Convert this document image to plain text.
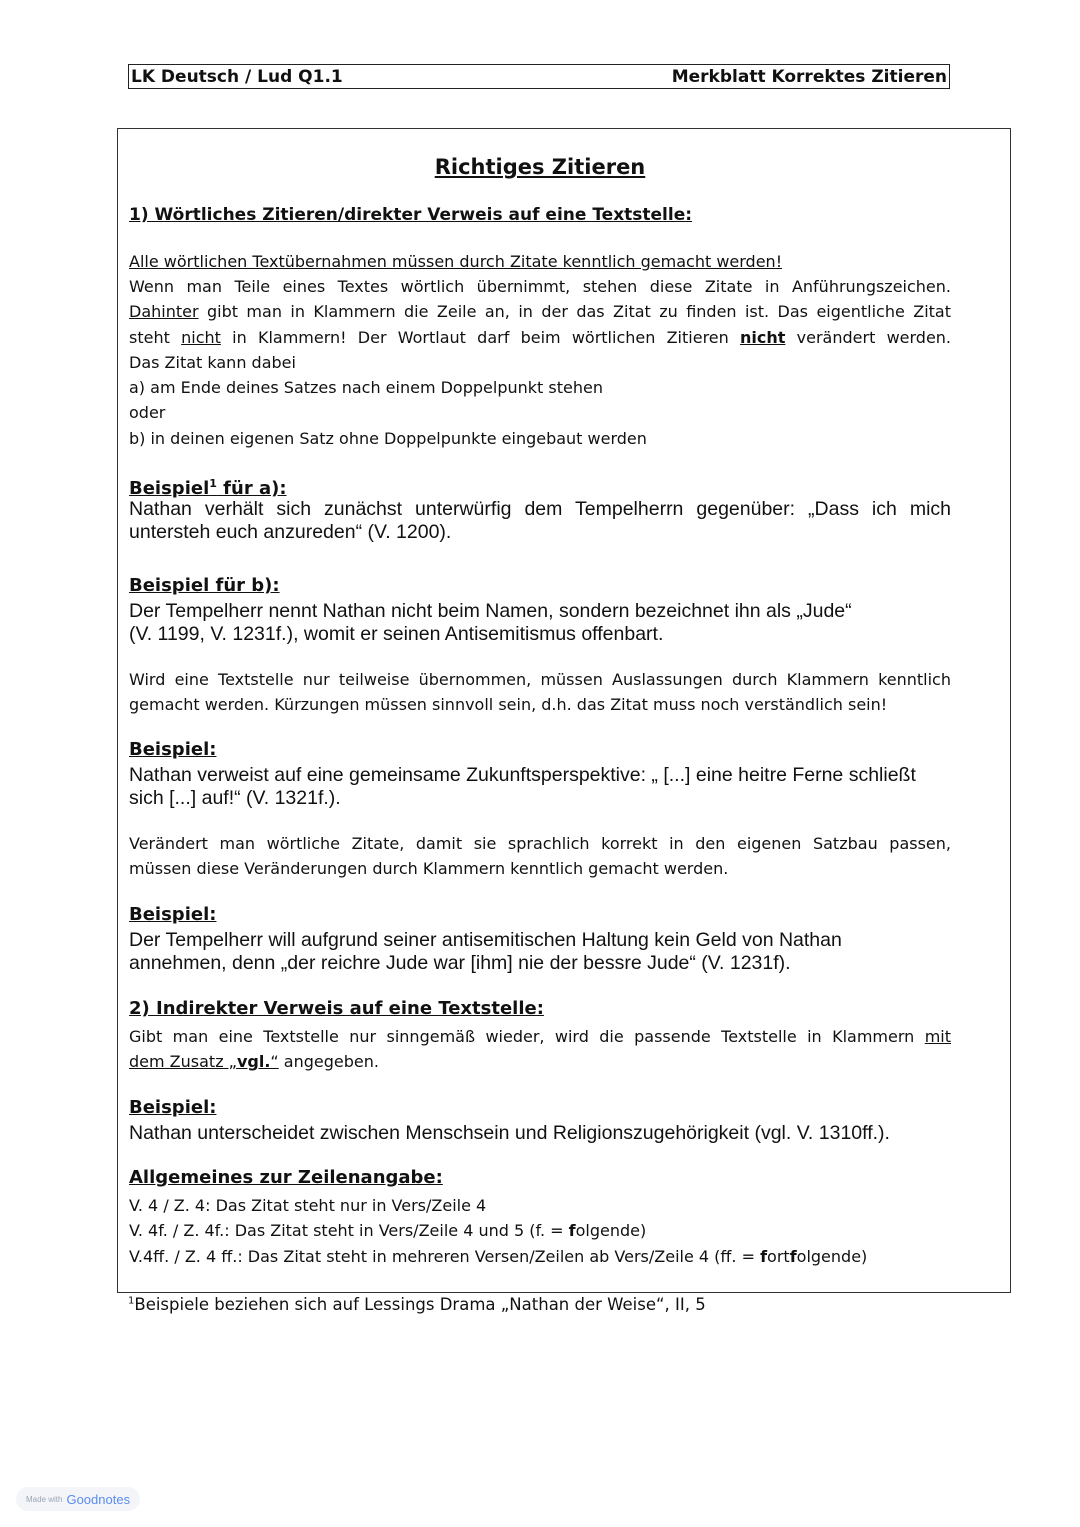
LK Deutsch / Lud Q1.1	Merkblatt Korrektes Zitieren
Richtiges Zitieren
1) Wörtliches Zitieren/direkter Verweis auf eine Textstelle:
Alle wörtlichen Textübernahmen müssen durch Zitate kenntlich gemacht werden!
Wenn man Teile eines Textes wörtlich übernimmt, stehen diese Zitate in Anführungszeichen.
Dahinter gibt man in Klammern die Zeile an, in der das Zitat zu finden ist. Das eigentliche Zitat
steht nicht in Klammern! Der Wortlaut darf beim wörtlichen Zitieren nicht verändert werden.
Das Zitat kann dabei
a) am Ende deines Satzes nach einem Doppelpunkt stehen
oder
b) in deinen eigenen Satz ohne Doppelpunkte eingebaut werden
Beispiel$^1$ für a):
Nathan verhält sich zunächst unterwürfig dem Tempelherrn gegenüber: „Dass ich mich
untersteh euch anzureden“ (V. 1200).
Beispiel für b):
Der Tempelherr nennt Nathan nicht beim Namen, sondern bezeichnet ihn als „Jude“
(V. 1199, V. 1231f.), womit er seinen Antisemitismus offenbart.
Wird eine Textstelle nur teilweise übernommen, müssen Auslassungen durch Klammern kenntlich
gemacht werden. Kürzungen müssen sinnvoll sein, d.h. das Zitat muss noch verständlich sein!
Beispiel:
Nathan verweist auf eine gemeinsame Zukunftsperspektive: „ [...] eine heitre Ferne schließt
sich [...] auf!“ (V. 1321f.).
Verändert man wörtliche Zitate, damit sie sprachlich korrekt in den eigenen Satzbau passen,
müssen diese Veränderungen durch Klammern kenntlich gemacht werden.
Beispiel:
Der Tempelherr will aufgrund seiner antisemitischen Haltung kein Geld von Nathan
annehmen, denn „der reichre Jude war [ihm] nie der bessre Jude“ (V. 1231f).
2) Indirekter Verweis auf eine Textstelle:
Gibt man eine Textstelle nur sinngemäß wieder, wird die passende Textstelle in Klammern mit
dem Zusatz „vgl.“ angegeben.
Beispiel:
Nathan unterscheidet zwischen Menschsein und Religionszugehörigkeit (vgl. V. 1310ff.).
Allgemeines zur Zeilenangabe:
V. 4 / Z. 4: Das Zitat steht nur in Vers/Zeile 4
V. 4f. / Z. 4f.: Das Zitat steht in Vers/Zeile 4 und 5 (f. = folgende)
V.4ff. / Z. 4 ff.: Das Zitat steht in mehreren Versen/Zeilen ab Vers/Zeile 4 (ff. = fortfolgende)
$^1$Beispiele beziehen sich auf Lessings Drama „Nathan der Weise“, II, 5
Made with Goodnotes
